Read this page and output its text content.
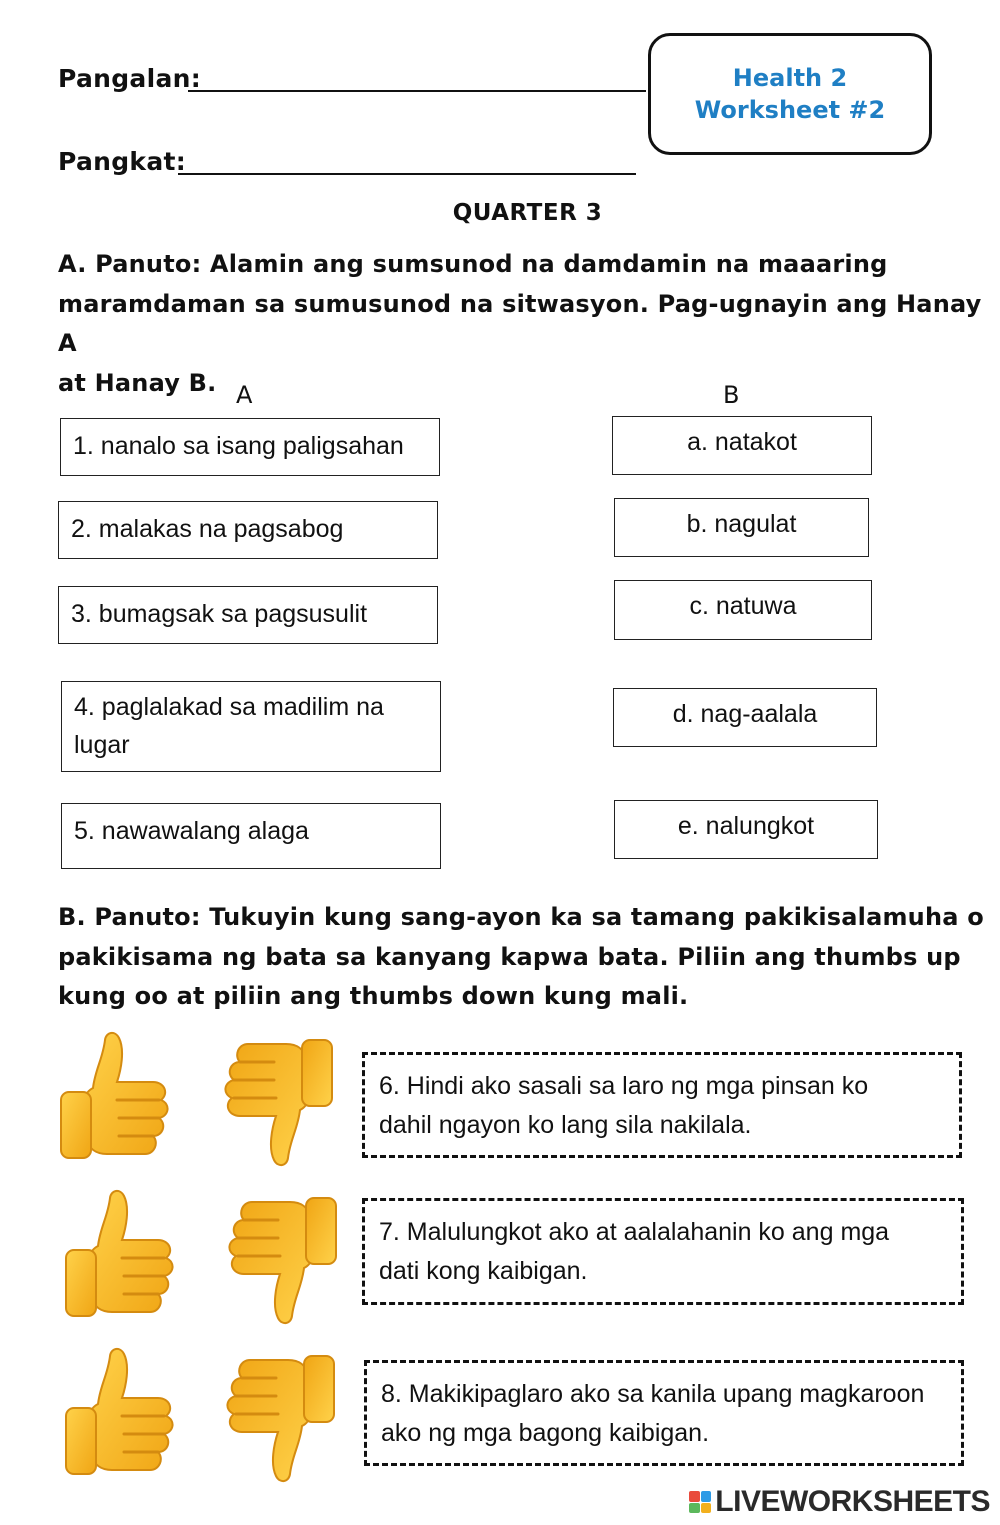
Pangalan:
Pangkat:
Health 2
Worksheet #2
QUARTER 3
A. Panuto: Alamin ang sumsunod na damdamin na maaaring
maramdaman sa sumusunod na sitwasyon. Pag-ugnayin ang Hanay A
at Hanay B. A	B
1. nanalo sa isang paligsahan
2. malakas na pagsabog
3. bumagsak sa pagsusulit
4. paglalakad sa madilim na lugar
5. nawawalang alaga
a. natakot
b. nagulat
c. natuwa
d. nag-aalala
e. nalungkot
B. Panuto: Tukuyin kung sang-ayon ka sa tamang pakikisalamuha o
pakikisama ng bata sa kanyang kapwa bata. Piliin ang thumbs up
kung oo at piliin ang thumbs down kung mali.
6. Hindi ako sasali sa laro ng mga pinsan ko
dahil ngayon ko lang sila nakilala.
7. Malulungkot ako at aalalahanin ko ang mga
dati kong kaibigan.
8. Makikipaglaro ako sa kanila upang magkaroon
ako ng mga bagong kaibigan.
LIVEWORKSHEETS
